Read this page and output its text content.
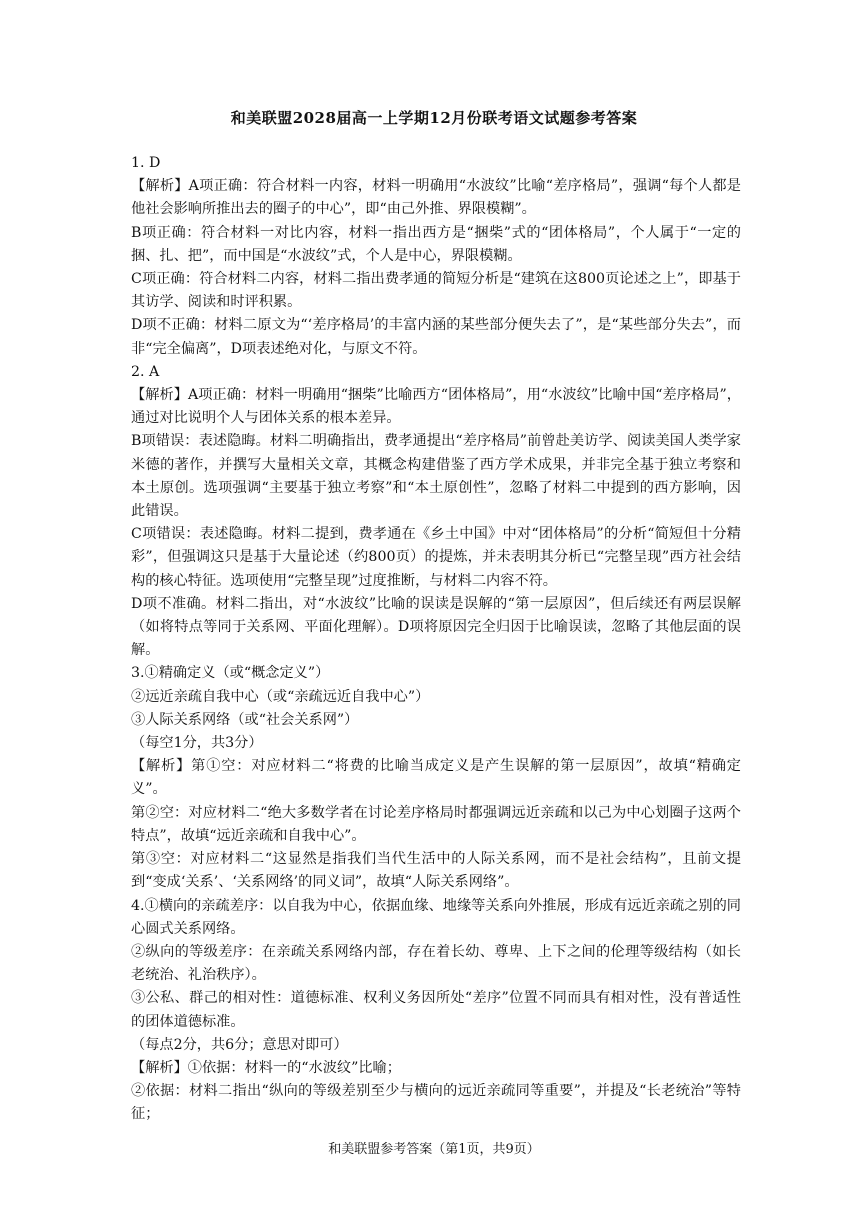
和美联盟2028届高一上学期12月份联考语文试题参考答案

1. D

【解析】A项正确：符合材料一内容，材料一明确用“水波纹”比喻“差序格局”，强调“每个人都是他社会影响所推出去的圈子的中心”，即“由己外推、界限模糊”。

B项正确：符合材料一对比内容，材料一指出西方是“捆柴”式的“团体格局”，个人属于“一定的捆、扎、把”，而中国是“水波纹”式，个人是中心，界限模糊。

C项正确：符合材料二内容，材料二指出费孝通的简短分析是“建筑在这800页论述之上”，即基于其访学、阅读和时评积累。

D项不正确：材料二原文为“‘差序格局’的丰富内涵的某些部分便失去了”，是“某些部分失去”，而非“完全偏离”，D项表述绝对化，与原文不符。

2. A

【解析】A项正确：材料一明确用“捆柴”比喻西方“团体格局”，用“水波纹”比喻中国“差序格局”，通过对比说明个人与团体关系的根本差异。

B项错误：表述隐晦。材料二明确指出，费孝通提出“差序格局”前曾赴美访学、阅读美国人类学家米德的著作，并撰写大量相关文章，其概念构建借鉴了西方学术成果，并非完全基于独立考察和本土原创。选项强调“主要基于独立考察”和“本土原创性”，忽略了材料二中提到的西方影响，因此错误。

C项错误：表述隐晦。材料二提到，费孝通在《乡土中国》中对“团体格局”的分析“简短但十分精彩”，但强调这只是基于大量论述（约800页）的提炼，并未表明其分析已“完整呈现”西方社会结构的核心特征。选项使用“完整呈现”过度推断，与材料二内容不符。

D项不准确。材料二指出，对“水波纹”比喻的误读是误解的“第一层原因”，但后续还有两层误解（如将特点等同于关系网、平面化理解）。D项将原因完全归因于比喻误读，忽略了其他层面的误解。

3.①精确定义（或“概念定义”）

②远近亲疏自我中心（或“亲疏远近自我中心”）

③人际关系网络（或“社会关系网”）

（每空1分，共3分）

【解析】第①空：对应材料二“将费的比喻当成定义是产生误解的第一层原因”，故填“精确定义”。

第②空：对应材料二“绝大多数学者在讨论差序格局时都强调远近亲疏和以己为中心划圈子这两个特点”，故填“远近亲疏和自我中心”。

第③空：对应材料二“这显然是指我们当代生活中的人际关系网，而不是社会结构”，且前文提到“变成‘关系’、‘关系网络’的同义词”，故填“人际关系网络”。

4.①横向的亲疏差序：以自我为中心，依据血缘、地缘等关系向外推展，形成有远近亲疏之别的同心圆式关系网络。

②纵向的等级差序：在亲疏关系网络内部，存在着长幼、尊卑、上下之间的伦理等级结构（如长老统治、礼治秩序）。

③公私、群己的相对性：道德标准、权利义务因所处“差序”位置不同而具有相对性，没有普适性的团体道德标准。

（每点2分，共6分；意思对即可）

【解析】①依据：材料一的“水波纹”比喻；

②依据：材料二指出“纵向的等级差别至少与横向的远近亲疏同等重要”，并提及“长老统治”等特征；

和美联盟参考答案（第1页，共9页）
